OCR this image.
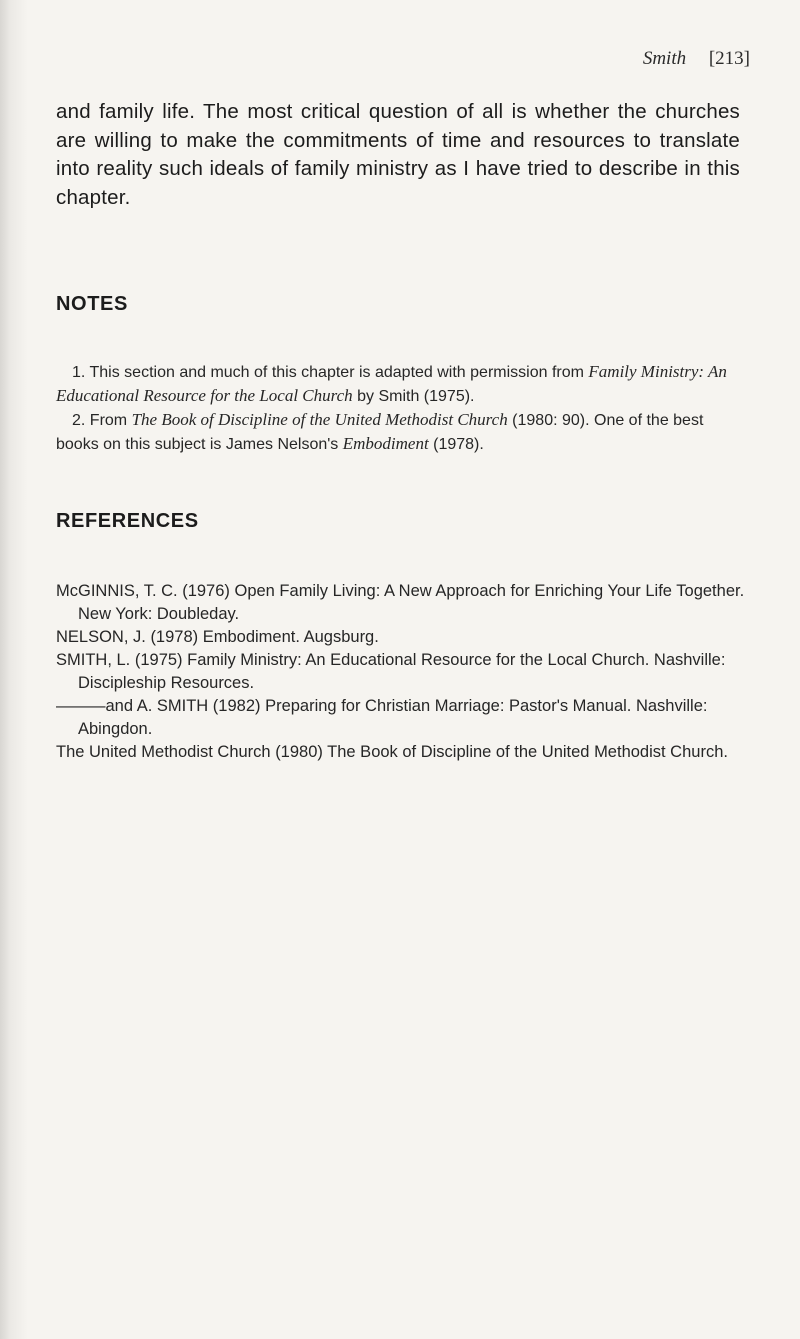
Smith [213]
and family life. The most critical question of all is whether the churches are willing to make the commitments of time and resources to translate into reality such ideals of family ministry as I have tried to describe in this chapter.
NOTES

1. This section and much of this chapter is adapted with permission from Family Ministry: An Educational Resource for the Local Church by Smith (1975).

2. From The Book of Discipline of the United Methodist Church (1980: 90). One of the best books on this subject is James Nelson's Embodiment (1978).

REFERENCES

McGINNIS, T. C. (1976) Open Family Living: A New Approach for Enriching Your Life Together. New York: Doubleday.

NELSON, J. (1978) Embodiment. Augsburg.

SMITH, L. (1975) Family Ministry: An Educational Resource for the Local Church. Nashville: Discipleship Resources.

———and A. SMITH (1982) Preparing for Christian Marriage: Pastor's Manual. Nashville: Abingdon.

The United Methodist Church (1980) The Book of Discipline of the United Methodist Church.
